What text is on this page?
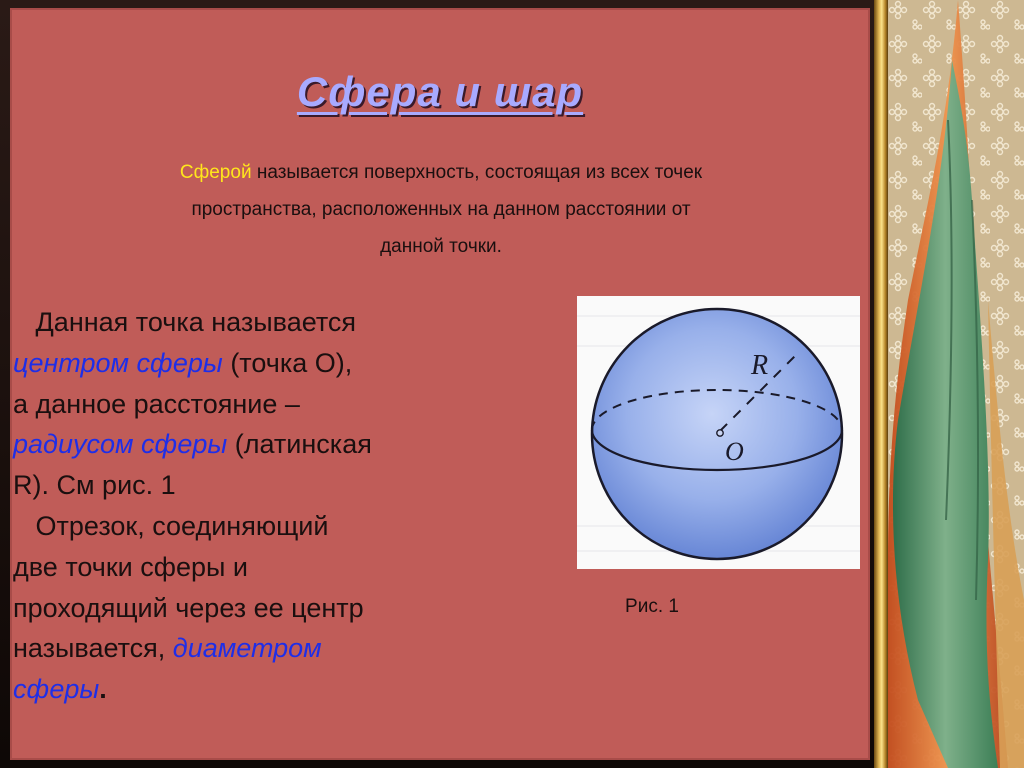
Сфера и шар

Сферой называется поверхность, состоящая из всех точек
пространства, расположенных на данном расстоянии от
данной точки.

Данная точка называется
центром сферы (точка О),
а данное расстояние –
радиусом сферы (латинская
R). См рис. 1
Отрезок, соединяющий
две точки сферы и
проходящий через ее центр
называется, диаметром
сферы.

R
O

Рис. 1
